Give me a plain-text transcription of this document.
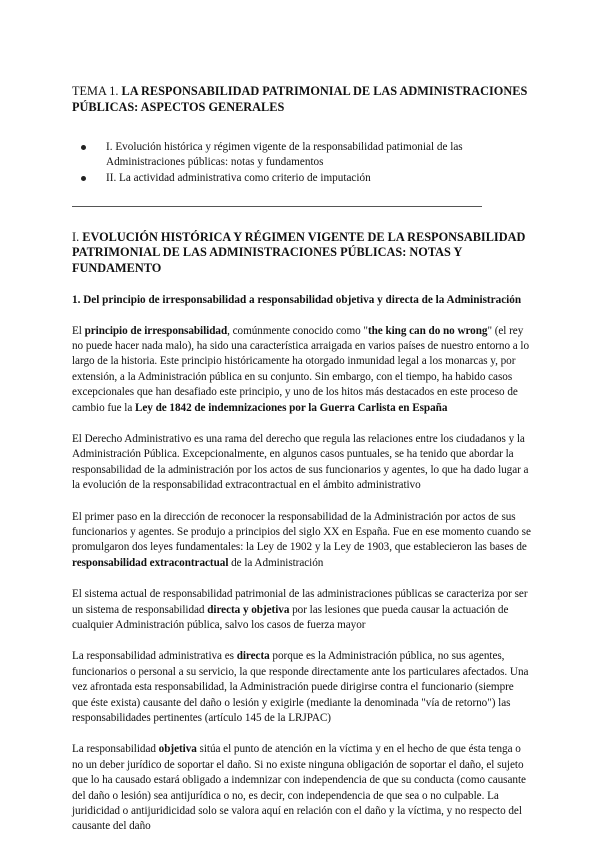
TEMA 1. LA RESPONSABILIDAD PATRIMONIAL DE LAS ADMINISTRACIONES PÚBLICAS: ASPECTOS GENERALES
I. Evolución histórica y régimen vigente de la responsabilidad patimonial de las Administraciones públicas: notas y fundamentos
II. La actividad administrativa como criterio de imputación
I. EVOLUCIÓN HISTÓRICA Y RÉGIMEN VIGENTE DE LA RESPONSABILIDAD PATRIMONIAL DE LAS ADMINISTRACIONES PÚBLICAS: NOTAS Y FUNDAMENTO
1. Del principio de irresponsabilidad a responsabilidad objetiva y directa de la Administración

El principio de irresponsabilidad, comúnmente conocido como "the king can do no wrong" (el rey no puede hacer nada malo), ha sido una característica arraigada en varios países de nuestro entorno a lo largo de la historia. Este principio históricamente ha otorgado inmunidad legal a los monarcas y, por extensión, a la Administración pública en su conjunto. Sin embargo, con el tiempo, ha habido casos excepcionales que han desafiado este principio, y uno de los hitos más destacados en este proceso de cambio fue la Ley de 1842 de indemnizaciones por la Guerra Carlista en España

El Derecho Administrativo es una rama del derecho que regula las relaciones entre los ciudadanos y la Administración Pública. Excepcionalmente, en algunos casos puntuales, se ha tenido que abordar la responsabilidad de la administración por los actos de sus funcionarios y agentes, lo que ha dado lugar a la evolución de la responsabilidad extracontractual en el ámbito administrativo

El primer paso en la dirección de reconocer la responsabilidad de la Administración por actos de sus funcionarios y agentes. Se produjo a principios del siglo XX en España. Fue en ese momento cuando se promulgaron dos leyes fundamentales: la Ley de 1902 y la Ley de 1903, que establecieron las bases de responsabilidad extracontractual de la Administración

El sistema actual de responsabilidad patrimonial de las administraciones públicas se caracteriza por ser un sistema de responsabilidad directa y objetiva por las lesiones que pueda causar la actuación de cualquier Administración pública, salvo los casos de fuerza mayor

La responsabilidad administrativa es directa porque es la Administración pública, no sus agentes, funcionarios o personal a su servicio, la que responde directamente ante los particulares afectados. Una vez afrontada esta responsabilidad, la Administración puede dirigirse contra el funcionario (siempre que éste exista) causante del daño o lesión y exigirle (mediante la denominada "vía de retorno") las responsabilidades pertinentes (artículo 145 de la LRJPAC)

La responsabilidad objetiva sitúa el punto de atención en la víctima y en el hecho de que ésta tenga o no un deber jurídico de soportar el daño. Si no existe ninguna obligación de soportar el daño, el sujeto que lo ha causado estará obligado a indemnizar con independencia de que su conducta (como causante del daño o lesión) sea antijurídica o no, es decir, con independencia de que sea o no culpable. La juridicidad o antijuridicidad solo se valora aquí en relación con el daño y la víctima, y no respecto del causante del daño
